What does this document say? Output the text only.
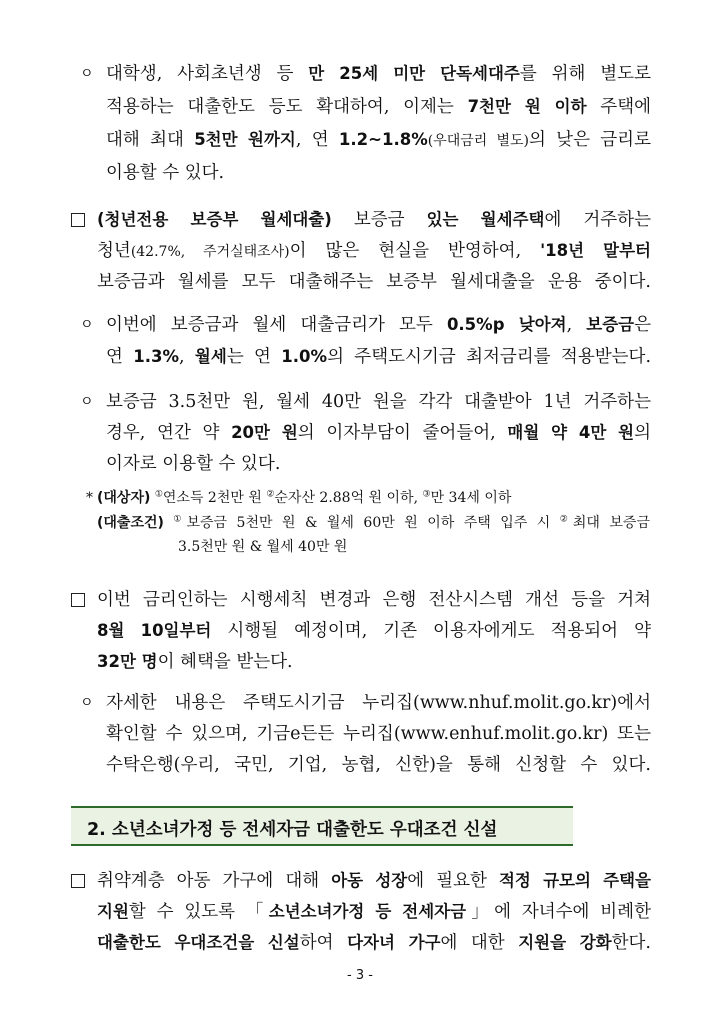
ㅇ 대학생, 사회초년생 등 만 25세 미만 단독세대주를 위해 별도로
적용하는 대출한도 등도 확대하여, 이제는 7천만 원 이하 주택에
대해 최대 5천만 원까지, 연 1.2~1.8%(우대금리 별도)의 낮은 금리로
이용할 수 있다.
(청년전용 보증부 월세대출) 보증금 있는 월세주택에 거주하는
청년(42.7%, 주거실태조사)이 많은 현실을 반영하여, '18년 말부터
보증금과 월세를 모두 대출해주는 보증부 월세대출을 운용 중이다.
ㅇ 이번에 보증금과 월세 대출금리가 모두 0.5%p 낮아져, 보증금은
연 1.3%, 월세는 연 1.0%의 주택도시기금 최저금리를 적용받는다.
ㅇ 보증금 3.5천만 원, 월세 40만 원을 각각 대출받아 1년 거주하는
경우, 연간 약 20만 원의 이자부담이 줄어들어, 매월 약 4만 원의
이자로 이용할 수 있다.
* (대상자) ①연소득 2천만 원 ②순자산 2.88억 원 이하, ③만 34세 이하
(대출조건) ①보증금 5천만 원 & 월세 60만 원 이하 주택 입주 시 ②최대 보증금
3.5천만 원 & 월세 40만 원
이번 금리인하는 시행세칙 변경과 은행 전산시스템 개선 등을 거쳐
8월 10일부터 시행될 예정이며, 기존 이용자에게도 적용되어 약
32만 명이 혜택을 받는다.
ㅇ 자세한 내용은 주택도시기금 누리집(www.nhuf.molit.go.kr)에서
확인할 수 있으며, 기금e든든 누리집(www.enhuf.molit.go.kr) 또는
수탁은행(우리, 국민, 기업, 농협, 신한)을 통해 신청할 수 있다.
2. 소년소녀가정 등 전세자금 대출한도 우대조건 신설
취약계층 아동 가구에 대해 아동 성장에 필요한 적정 규모의 주택을
지원할 수 있도록 「소년소녀가정 등 전세자금」에 자녀수에 비례한
대출한도 우대조건을 신설하여 다자녀 가구에 대한 지원을 강화한다.
- 3 -
